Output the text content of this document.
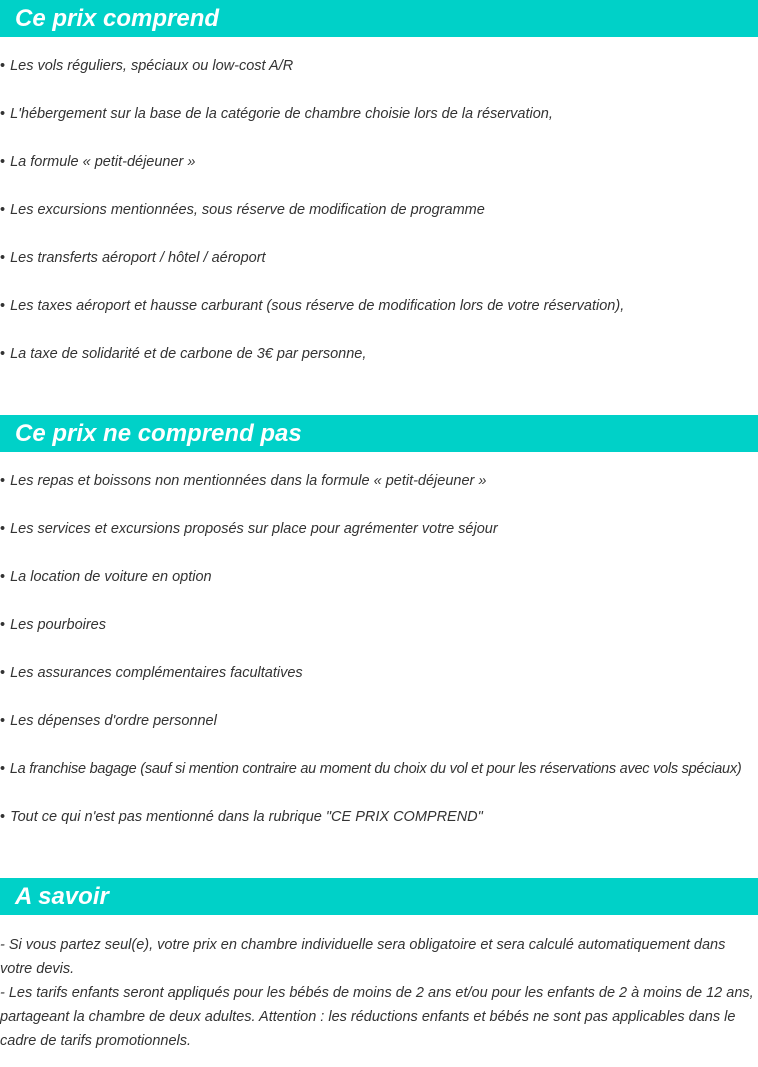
Ce prix comprend
• Les vols réguliers, spéciaux ou low-cost A/R
• L'hébergement sur la base de la catégorie de chambre choisie lors de la réservation,
• La formule « petit-déjeuner »
• Les excursions mentionnées, sous réserve de modification de programme
• Les transferts aéroport / hôtel / aéroport
• Les taxes aéroport et hausse carburant (sous réserve de modification lors de votre réservation),
• La taxe de solidarité et de carbone de 3€ par personne,
Ce prix ne comprend pas
• Les repas et boissons non mentionnées dans la formule « petit-déjeuner »
• Les services et excursions proposés sur place pour agrémenter votre séjour
• La location de voiture en option
• Les pourboires
• Les assurances complémentaires facultatives
• Les dépenses d'ordre personnel
• La franchise bagage (sauf si mention contraire au moment du choix du vol et pour les réservations avec vols spéciaux)
• Tout ce qui n'est pas mentionné dans la rubrique "CE PRIX COMPREND"
A savoir
- Si vous partez seul(e), votre prix en chambre individuelle sera obligatoire et sera calculé automatiquement dans votre devis.
- Les tarifs enfants seront appliqués pour les bébés de moins de 2 ans et/ou pour les enfants de 2 à moins de 12 ans, partageant la chambre de deux adultes. Attention : les réductions enfants et bébés ne sont pas applicables dans le cadre de tarifs promotionnels.
